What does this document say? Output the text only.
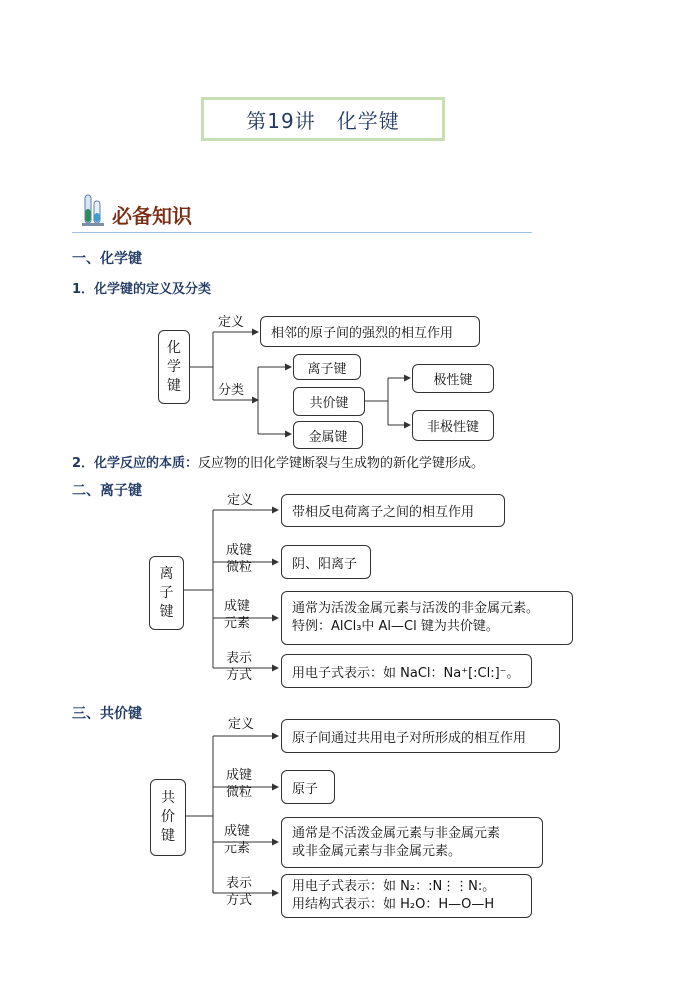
第19讲　化学键
必备知识
一、化学键
1．化学键的定义及分类
化
学
键
定义
分类
相邻的原子间的强烈的相互作用
离子键
共价键
金属键
极性键
非极性键
2．化学反应的本质：反应物的旧化学键断裂与生成物的新化学键形成。
二、离子键
离
子
键
定义
成键
微粒
成键
元素
表示
方式
带相反电荷离子之间的相互作用
阴、阳离子
通常为活泼金属元素与活泼的非金属元素。
特例：AlCl₃中 Al—Cl 键为共价键。
用电子式表示：如 NaCl：Na⁺[:Cl:]⁻。
三、共价键
共
价
键
定义
成键
微粒
成键
元素
表示
方式
原子间通过共用电子对所形成的相互作用
原子
通常是不活泼金属元素与非金属元素
或非金属元素与非金属元素。
用电子式表示：如 N₂：:N⋮⋮N:。
用结构式表示：如 H₂O：H—O—H
